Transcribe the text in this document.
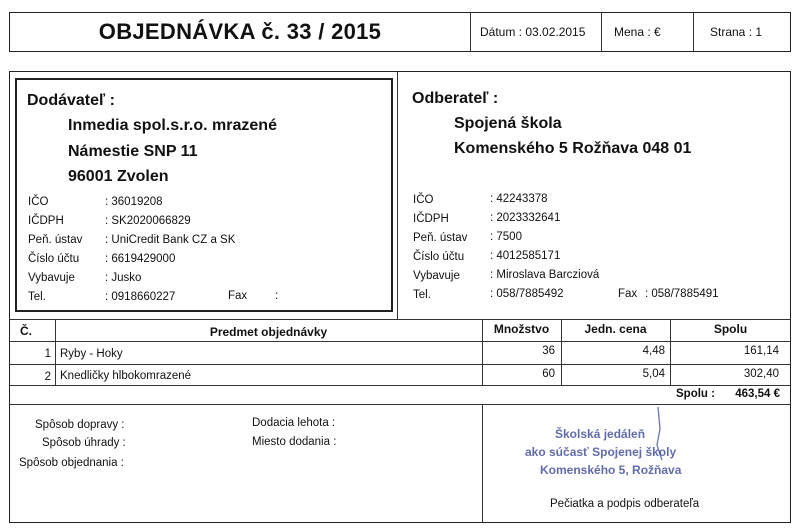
OBJEDNÁVKA č. 33 / 2015	Dátum : 03.02.2015 Mena : €	Strana : 1
Dodávateľ :
Inmedia spol.s.r.o. mrazené
Námestie SNP 11
96001 Zvolen
IČO	: 36019208
IČDPH	: SK2020066829
Peň. ústav : UniCredit Bank CZ a SK
Číslo účtu : 6619429000
Vybavuje	: Jusko
Tel.	: 0918660227	Fax :
Odberateľ :
Spojená škola
Komenského 5 Rožňava 048 01
IČO	: 42243378
IČDPH	: 2023332641
Peň. ústav : 7500
Číslo účtu : 4012585171
Vybavuje	: Miroslava Barcziová
Tel.	: 058/7885492	Fax : 058/7885491
Č.	Predmet objednávky	Množstvo	Jedn. cena	Spolu
1 Ryby - Hoky	36	4,48	161,14
2 Knedličky hlbokomrazené	60	5,04	302,40
Spolu :	463,54 €
Spôsob dopravy :
Spôsob úhrady :
Spôsob objednania :
Dodacia lehota :
Miesto dodania :
Školská jedáleň
ako súčasť Spojenej školy
Komenského 5, Rožňava
Pečiatka a podpis odberateľa
